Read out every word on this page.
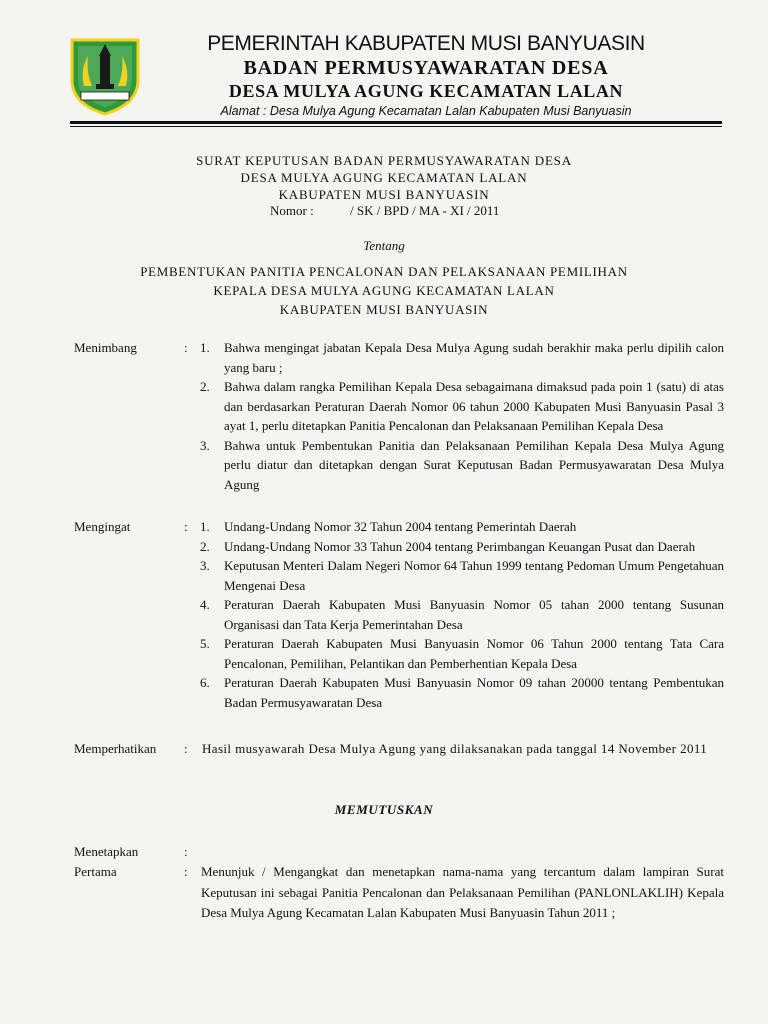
PEMERINTAH KABUPATEN MUSI BANYUASIN
BADAN PERMUSYAWARATAN DESA
DESA MULYA AGUNG KECAMATAN LALAN
Alamat : Desa Mulya Agung Kecamatan Lalan Kabupaten Musi Banyuasin
SURAT KEPUTUSAN BADAN PERMUSYAWARATAN DESA
DESA MULYA AGUNG KECAMATAN LALAN
KABUPATEN MUSI BANYUASIN
Nomor :	/ SK / BPD / MA - XI / 2011
Tentang
PEMBENTUKAN PANITIA PENCALONAN DAN PELAKSANAAN PEMILIHAN
KEPALA DESA MULYA AGUNG KECAMATAN LALAN
KABUPATEN MUSI BANYUASIN
Menimbang	: 1. Bahwa mengingat jabatan Kepala Desa Mulya Agung sudah berakhir maka perlu dipilih calon yang baru ;
2. Bahwa dalam rangka Pemilihan Kepala Desa sebagaimana dimaksud pada poin 1 (satu) di atas dan berdasarkan Peraturan Daerah Nomor 06 tahun 2000 Kabupaten Musi Banyuasin Pasal 3 ayat 1, perlu ditetapkan Panitia Pencalonan dan Pelaksanaan Pemilihan Kepala Desa
3. Bahwa untuk Pembentukan Panitia dan Pelaksanaan Pemilihan Kepala Desa Mulya Agung perlu diatur dan ditetapkan dengan Surat Keputusan Badan Permusyawaratan Desa Mulya Agung
Mengingat	: 1. Undang-Undang Nomor 32 Tahun 2004 tentang Pemerintah Daerah
2. Undang-Undang Nomor 33 Tahun 2004 tentang Perimbangan Keuangan Pusat dan Daerah
3. Keputusan Menteri Dalam Negeri Nomor 64 Tahun 1999 tentang Pedoman Umum Pengetahuan Mengenai Desa
4. Peraturan Daerah Kabupaten Musi Banyuasin Nomor 05 tahan 2000 tentang Susunan Organisasi dan Tata Kerja Pemerintahan Desa
5. Peraturan Daerah Kabupaten Musi Banyuasin Nomor 06 Tahun 2000 tentang Tata Cara Pencalonan, Pemilihan, Pelantikan dan Pemberhentian Kepala Desa
6. Peraturan Daerah Kabupaten Musi Banyuasin Nomor 09 tahan 20000 tentang Pembentukan Badan Permusyawaratan Desa
Memperhatikan : Hasil musyawarah Desa Mulya Agung yang dilaksanakan pada tanggal 14 November 2011
MEMUTUSKAN
Menetapkan	:
Pertama	: Menunjuk / Mengangkat dan menetapkan nama-nama yang tercantum dalam lampiran Surat Keputusan ini sebagai Panitia Pencalonan dan Pelaksanaan Pemilihan (PANLONLAKLIH) Kepala Desa Mulya Agung Kecamatan Lalan Kabupaten Musi Banyuasin Tahun 2011 ;
